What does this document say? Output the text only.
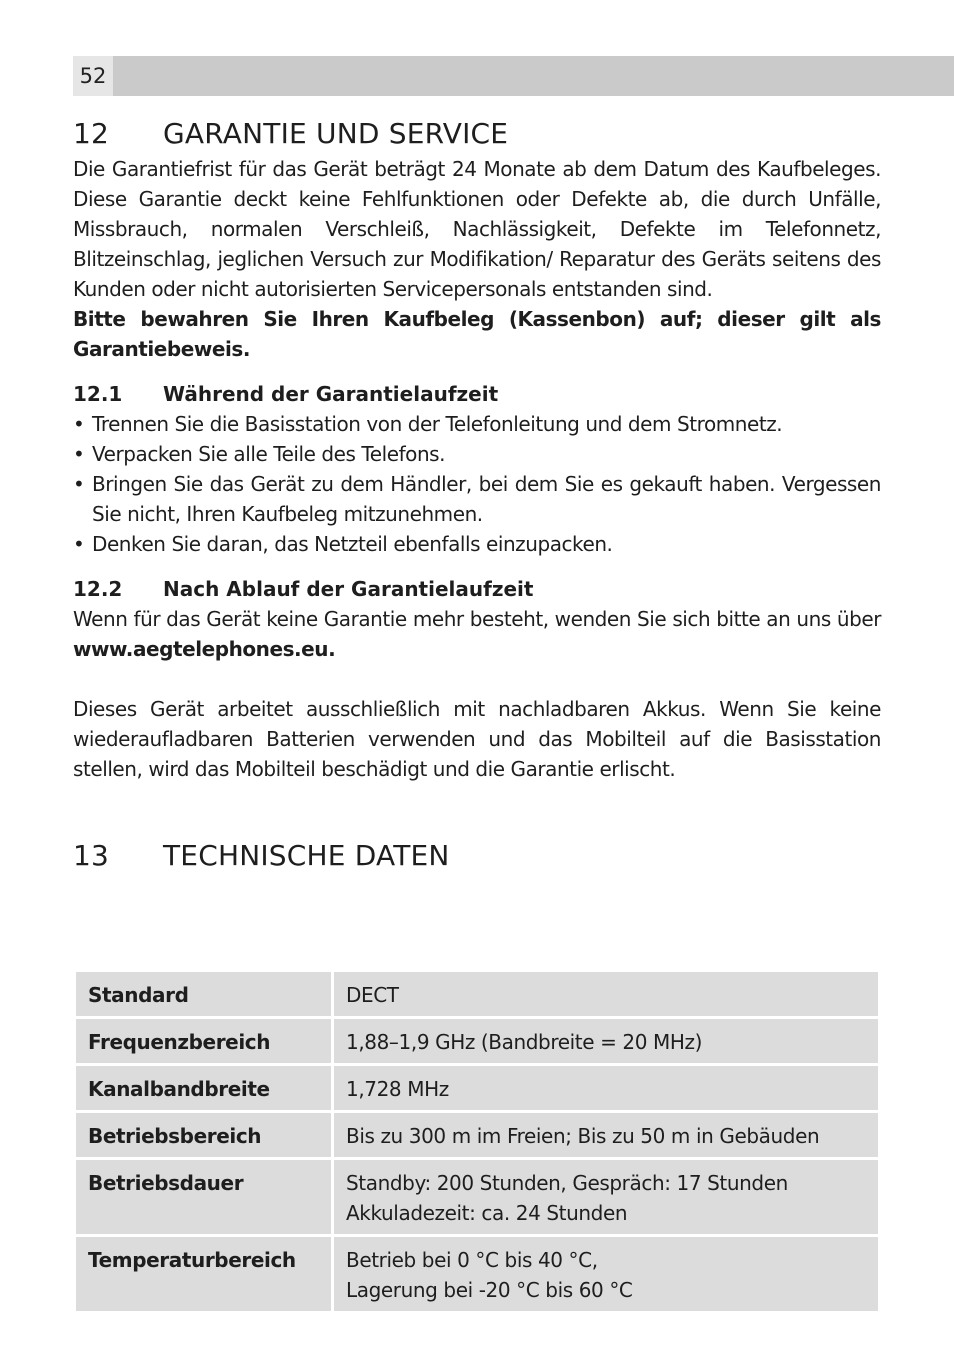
52
12	GARANTIE UND SERVICE

Die Garantiefrist für das Gerät beträgt 24 Monate ab dem Datum des Kaufbeleges. Diese Garantie deckt keine Fehlfunktionen oder Defekte ab, die durch Unfälle, Missbrauch, normalen Verschleiß, Nachlässigkeit, Defekte im Telefonnetz, Blitzeinschlag, jeglichen Versuch zur Modifikation/ Reparatur des Geräts seitens des Kunden oder nicht autorisierten Servicepersonals entstanden sind.

Bitte bewahren Sie Ihren Kaufbeleg (Kassenbon) auf; dieser gilt als Garantiebeweis.

12.1	Während der Garantielaufzeit
• Trennen Sie die Basisstation von der Telefonleitung und dem Stromnetz.
• Verpacken Sie alle Teile des Telefons.
• Bringen Sie das Gerät zu dem Händler, bei dem Sie es gekauft haben. Vergessen Sie nicht, Ihren Kaufbeleg mitzunehmen.
• Denken Sie daran, das Netzteil ebenfalls einzupacken.
12.2	Nach Ablauf der Garantielaufzeit

Wenn für das Gerät keine Garantie mehr besteht, wenden Sie sich bitte an uns über www.aegtelephones.eu.

Dieses Gerät arbeitet ausschließlich mit nachladbaren Akkus. Wenn Sie keine wiederaufladbaren Batterien verwenden und das Mobilteil auf die Basisstation stellen, wird das Mobilteil beschädigt und die Garantie erlischt.

13	TECHNISCHE DATEN
Standard	DECT
Frequenzbereich	1,88–1,9 GHz (Bandbreite = 20 MHz)
Kanalbandbreite	1,728 MHz
Betriebsbereich	Bis zu 300 m im Freien; Bis zu 50 m in Gebäuden
Betriebsdauer	Standby: 200 Stunden, Gespräch: 17 Stunden
Akkuladezeit: ca. 24 Stunden
Temperaturbereich	Betrieb bei 0 °C bis 40 °C,
Lagerung bei -20 °C bis 60 °C
